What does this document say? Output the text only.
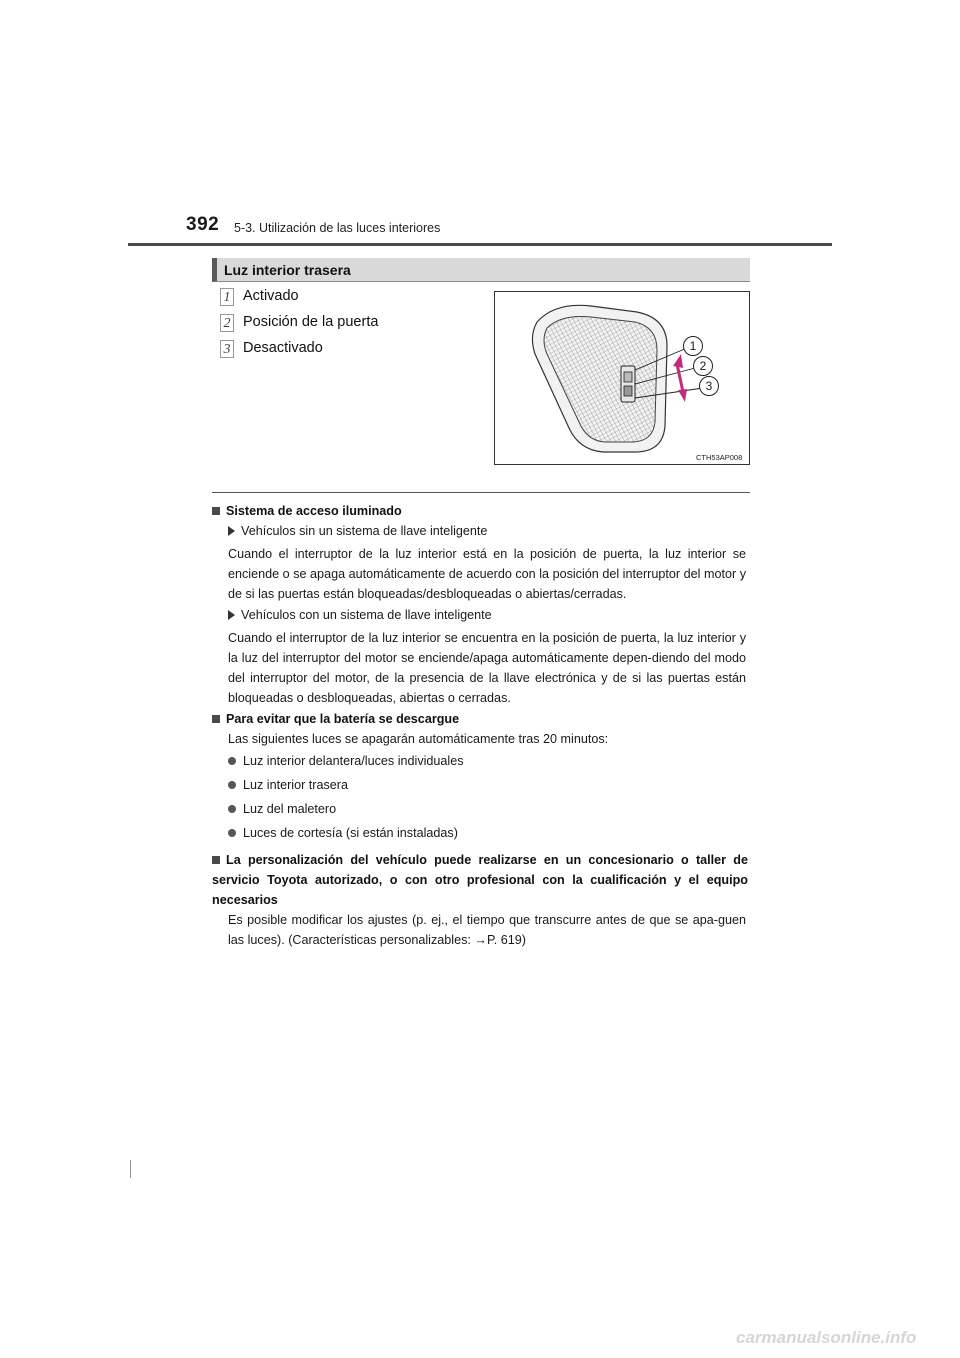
392 5-3. Utilización de las luces interiores
Luz interior trasera
1 Activado
2 Posición de la puerta
3 Desactivado	1
2
3
CTH53AP008
Sistema de acceso iluminado
Vehículos sin un sistema de llave inteligente
Cuando el interruptor de la luz interior está en la posición de puerta, la luz interior se enciende o se apaga automáticamente de acuerdo con la posición del interruptor del motor y de si las puertas están bloqueadas/desbloqueadas o abiertas/cerradas.
Vehículos con un sistema de llave inteligente
Cuando el interruptor de la luz interior se encuentra en la posición de puerta, la luz interior y la luz del interruptor del motor se enciende/apaga automáticamente depen-diendo del modo del interruptor del motor, de la presencia de la llave electrónica y de si las puertas están bloqueadas o desbloqueadas, abiertas o cerradas.
Para evitar que la batería se descargue
Las siguientes luces se apagarán automáticamente tras 20 minutos:
Luz interior delantera/luces individuales
Luz interior trasera
Luz del maletero
Luces de cortesía (si están instaladas)
La personalización del vehículo puede realizarse en un concesionario o taller de servicio Toyota autorizado, o con otro profesional con la cualificación y el equipo necesarios
Es posible modificar los ajustes (p. ej., el tiempo que transcurre antes de que se apa-guen las luces). (Características personalizables: →P. 619)
carmanualsonline.info
